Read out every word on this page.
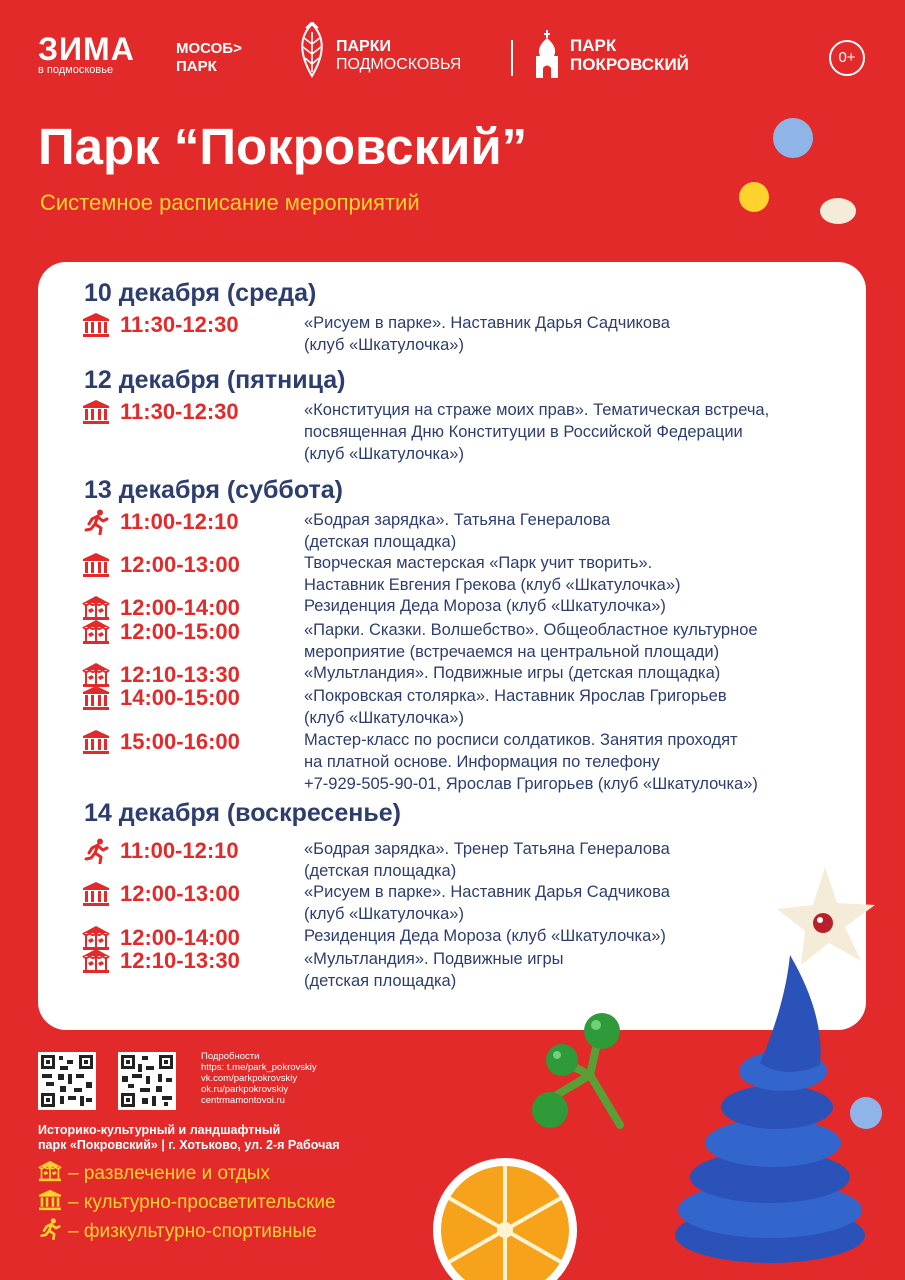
ЗИМА
в подмосковье
МОСОБ>
ПАРК
ПАРКИ
ПОДМОСКОВЬЯ
ПАРК
ПОКРОВСКИЙ	0+
Парк “Покровский”
Системное расписание мероприятий
10 декабря (среда)
11:30-12:30	«Рисуем в парке». Наставник Дарья Садчикова
(клуб «Шкатулочка»)
12 декабря (пятница)
11:30-12:30	«Конституция на страже моих прав». Тематическая встреча,
посвященная Дню Конституции в Российской Федерации
(клуб «Шкатулочка»)
13 декабря (суббота)
11:00-12:10	«Бодрая зарядка». Татьяна Генералова
(детская площадка)
12:00-13:00	Творческая мастерская «Парк учит творить».
Наставник Евгения Грекова (клуб «Шкатулочка»)
12:00-14:00	Резиденция Деда Мороза (клуб «Шкатулочка»)
12:00-15:00	«Парки. Сказки. Волшебство». Общеобластное культурное
мероприятие (встречаемся на центральной площади)
12:10-13:30	«Мультландия». Подвижные игры (детская площадка)
14:00-15:00	«Покровская столярка». Наставник Ярослав Григорьев
(клуб «Шкатулочка»)
15:00-16:00	Мастер-класс по росписи солдатиков. Занятия проходят
на платной основе. Информация по телефону
+7-929-505-90-01, Ярослав Григорьев (клуб «Шкатулочка»)
14 декабря (воскресенье)
11:00-12:10	«Бодрая зарядка». Тренер Татьяна Генералова
(детская площадка)
12:00-13:00	«Рисуем в парке». Наставник Дарья Садчикова
(клуб «Шкатулочка»)
12:00-14:00	Резиденция Деда Мороза (клуб «Шкатулочка»)
12:10-13:30	«Мультландия». Подвижные игры
(детская площадка)
Подробности
https: t.me/park_pokrovskiy
vk.com/parkpokrovskiy
ok.ru/parkpokrovskiy
centrmamontovoi.ru
Историко-культурный и ландшафтный
парк «Покровский» | г. Хотьково, ул. 2-я Рабочая
– развлечение и отдых
– культурно-просветительские
– физкультурно-спортивные
